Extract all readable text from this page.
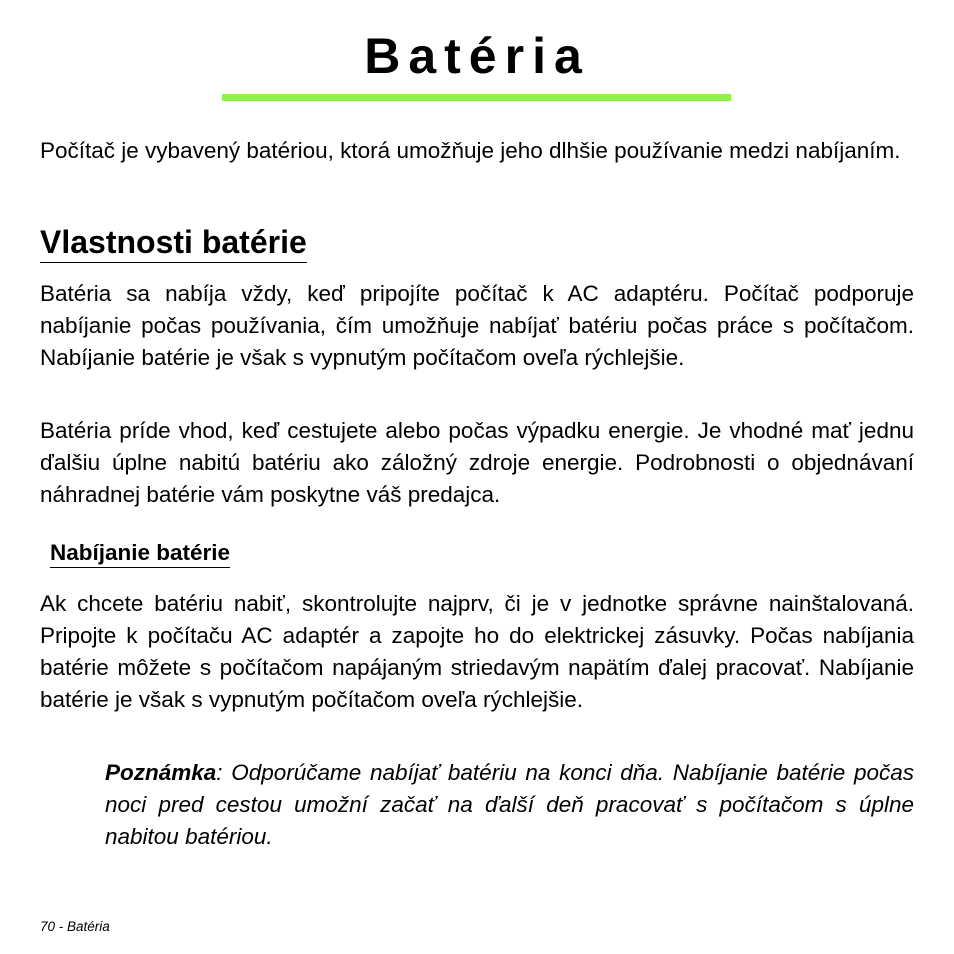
Batéria

Počítač je vybavený batériou, ktorá umožňuje jeho dlhšie používanie medzi nabíjaním.

Vlastnosti batérie

Batéria sa nabíja vždy, keď pripojíte počítač k AC adaptéru. Počítač podporuje nabíjanie počas používania, čím umožňuje nabíjať batériu počas práce s počítačom. Nabíjanie batérie je však s vypnutým počítačom oveľa rýchlejšie.

Batéria príde vhod, keď cestujete alebo počas výpadku energie. Je vhodné mať jednu ďalšiu úplne nabitú batériu ako záložný zdroje energie. Podrobnosti o objednávaní náhradnej batérie vám poskytne váš predajca.

Nabíjanie batérie

Ak chcete batériu nabiť, skontrolujte najprv, či je v jednotke správne nainštalovaná. Pripojte k počítaču AC adaptér a zapojte ho do elektrickej zásuvky. Počas nabíjania batérie môžete s počítačom napájaným striedavým napätím ďalej pracovať. Nabíjanie batérie je však s vypnutým počítačom oveľa rýchlejšie.

Poznámka: Odporúčame nabíjať batériu na konci dňa. Nabíjanie batérie počas noci pred cestou umožní začať na ďalší deň pracovať s počítačom s úplne nabitou batériou.

70 - Batéria
